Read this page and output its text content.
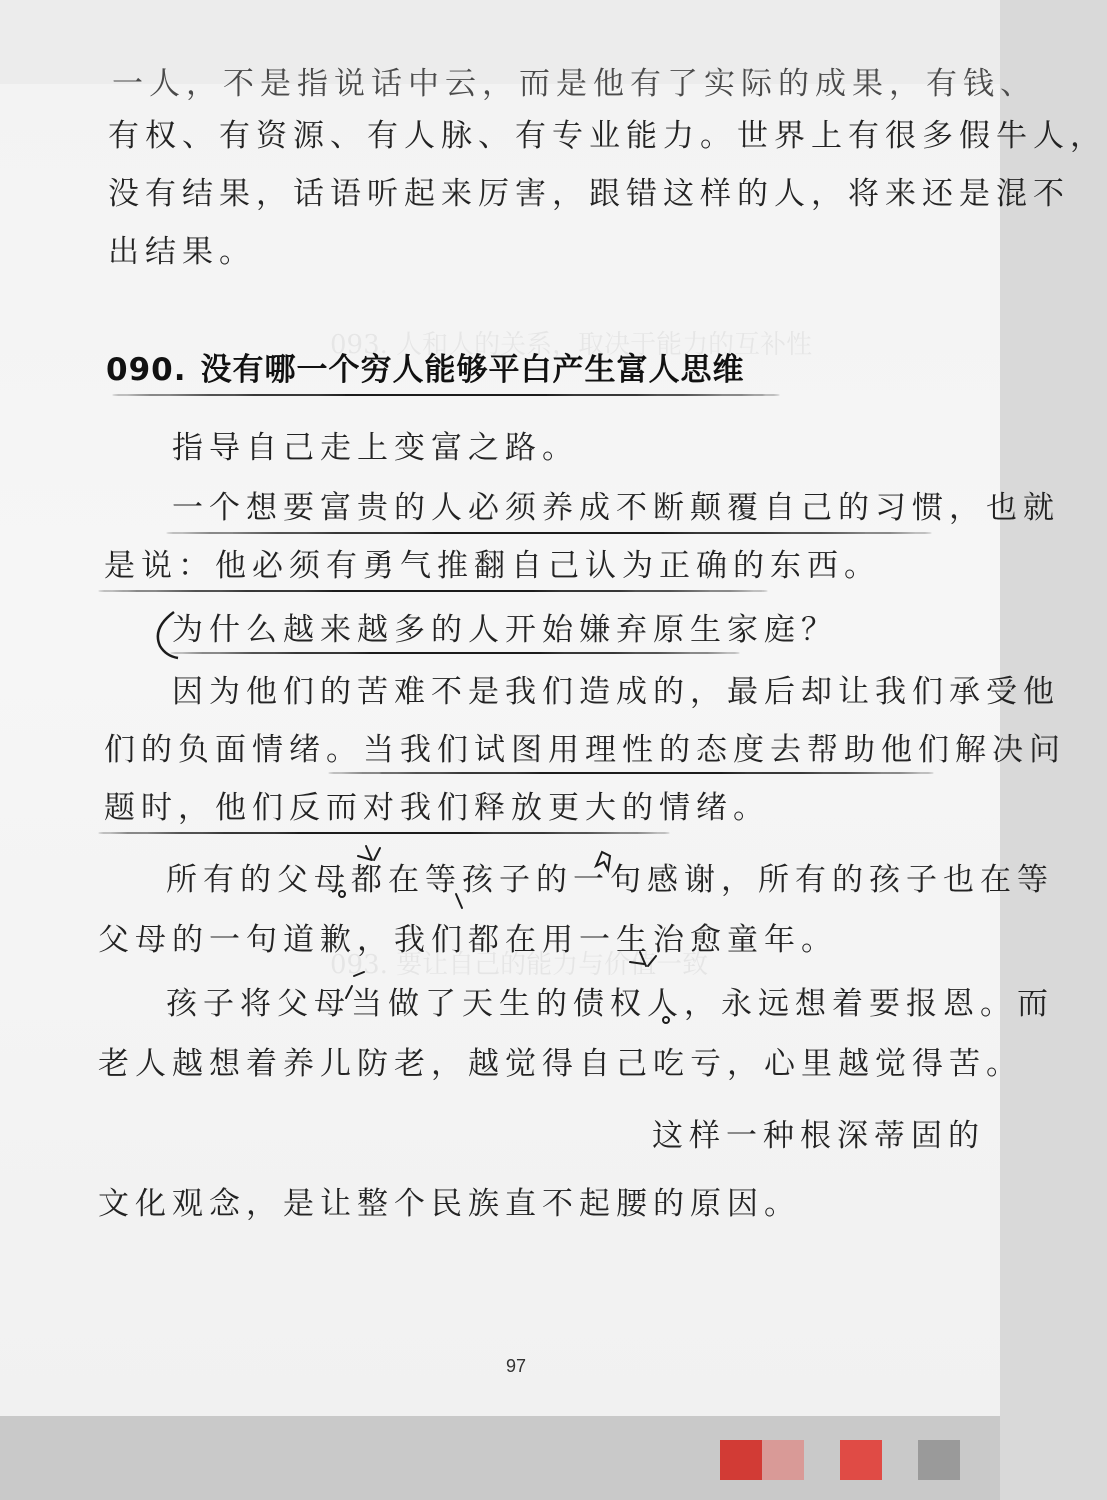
093. 人和人的关系，取决于能力的互补性
093. 要让自己的能力与价值一致
一人，不是指说话中云，而是他有了实际的成果，有钱、
有权、有资源、有人脉、有专业能力。世界上有很多假牛人，
没有结果，话语听起来厉害，跟错这样的人，将来还是混不
出结果。
090. 没有哪一个穷人能够平白产生富人思维
指导自己走上变富之路。
一个想要富贵的人必须养成不断颠覆自己的习惯，也就
是说：他必须有勇气推翻自己认为正确的东西。
为什么越来越多的人开始嫌弃原生家庭？
因为他们的苦难不是我们造成的，最后却让我们承受他
们的负面情绪。当我们试图用理性的态度去帮助他们解决问
题时，他们反而对我们释放更大的情绪。
所有的父母都在等孩子的一句感谢，所有的孩子也在等
父母的一句道歉，我们都在用一生治愈童年。
孩子将父母当做了天生的债权人，永远想着要报恩。而
老人越想着养儿防老，越觉得自己吃亏，心里越觉得苦。
这样一种根深蒂固的
文化观念，是让整个民族直不起腰的原因。
97
